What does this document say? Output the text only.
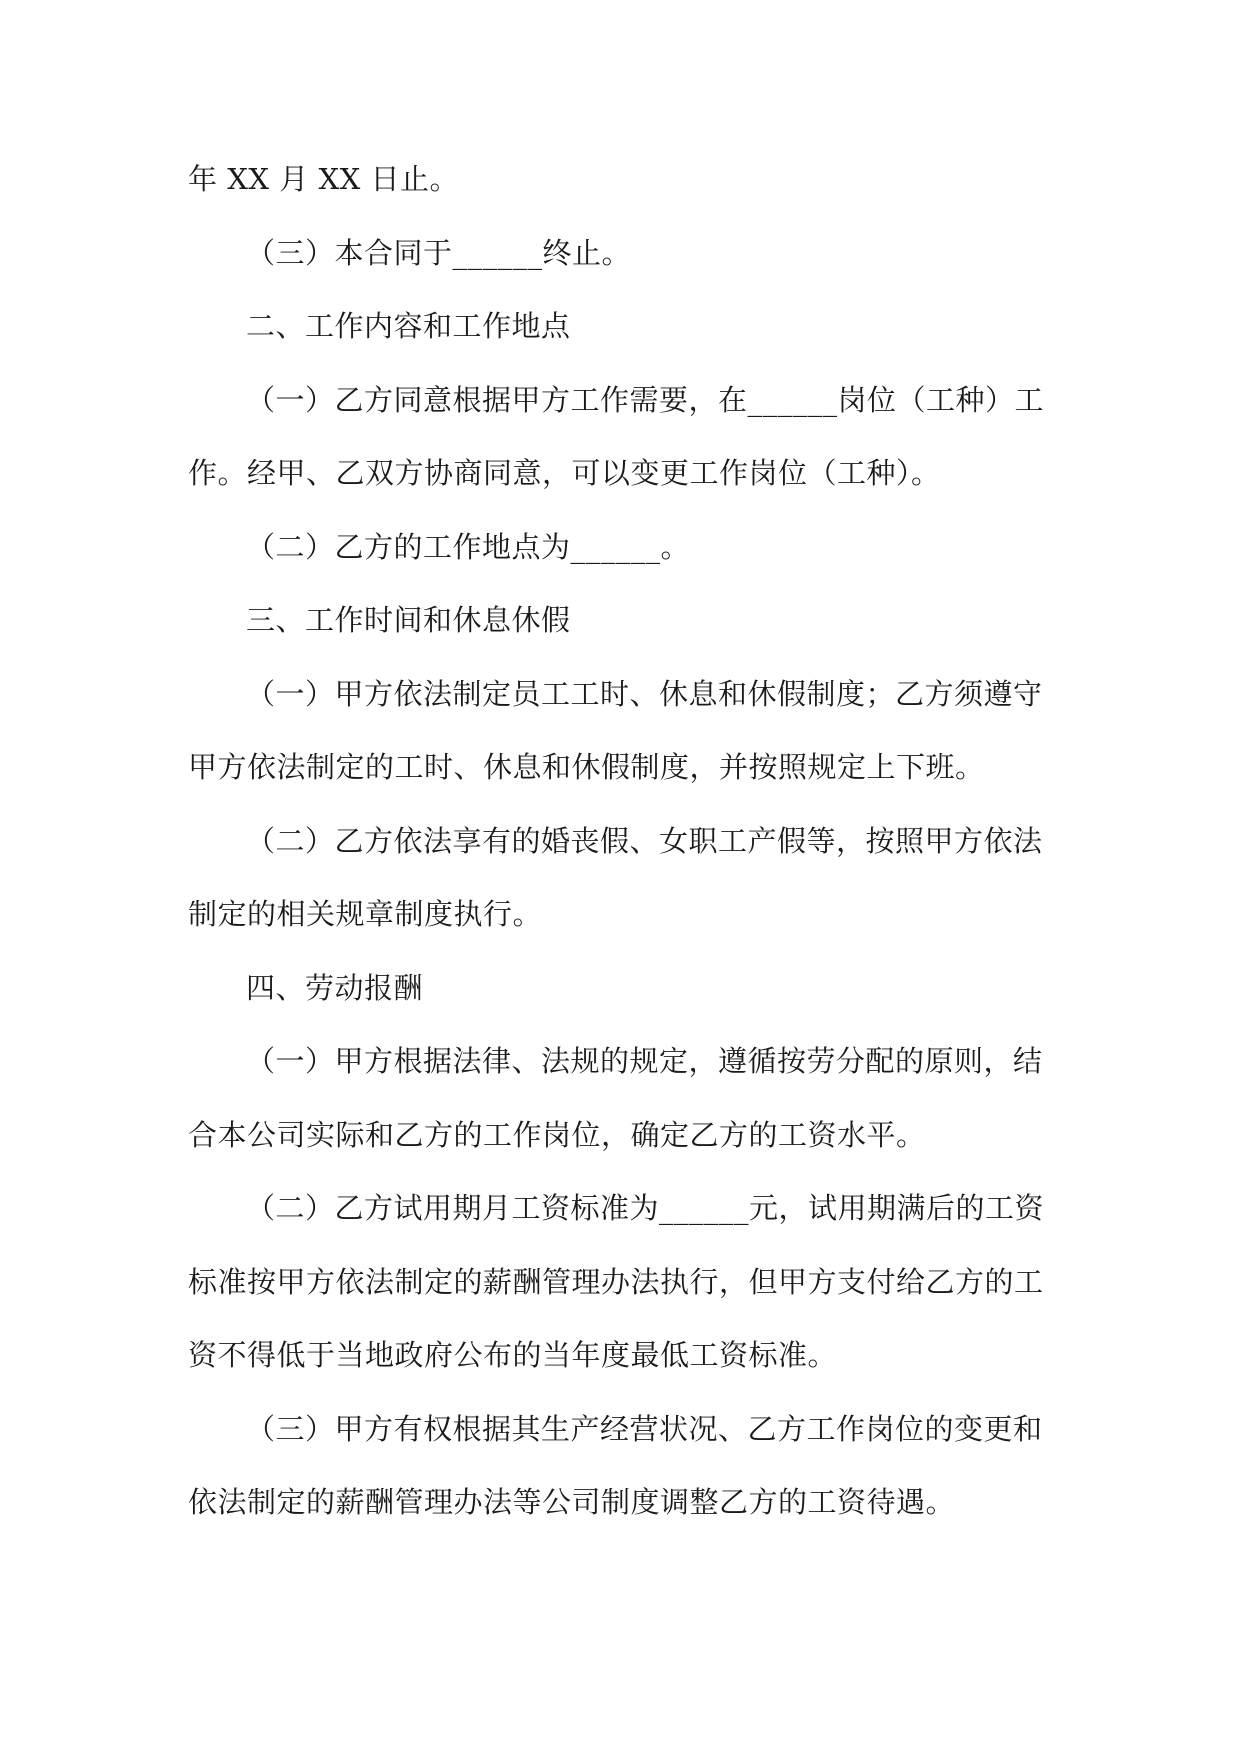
年 XX 月 XX 日止。

（三）本合同于______终止。

二、工作内容和工作地点

（一）乙方同意根据甲方工作需要，在______岗位（工种）工作。经甲、乙双方协商同意，可以变更工作岗位（工种）。

（二）乙方的工作地点为______。

三、工作时间和休息休假

（一）甲方依法制定员工工时、休息和休假制度；乙方须遵守甲方依法制定的工时、休息和休假制度，并按照规定上下班。

（二）乙方依法享有的婚丧假、女职工产假等，按照甲方依法制定的相关规章制度执行。

四、劳动报酬

（一）甲方根据法律、法规的规定，遵循按劳分配的原则，结合本公司实际和乙方的工作岗位，确定乙方的工资水平。

（二）乙方试用期月工资标准为______元，试用期满后的工资标准按甲方依法制定的薪酬管理办法执行，但甲方支付给乙方的工资不得低于当地政府公布的当年度最低工资标准。

（三）甲方有权根据其生产经营状况、乙方工作岗位的变更和依法制定的薪酬管理办法等公司制度调整乙方的工资待遇。
